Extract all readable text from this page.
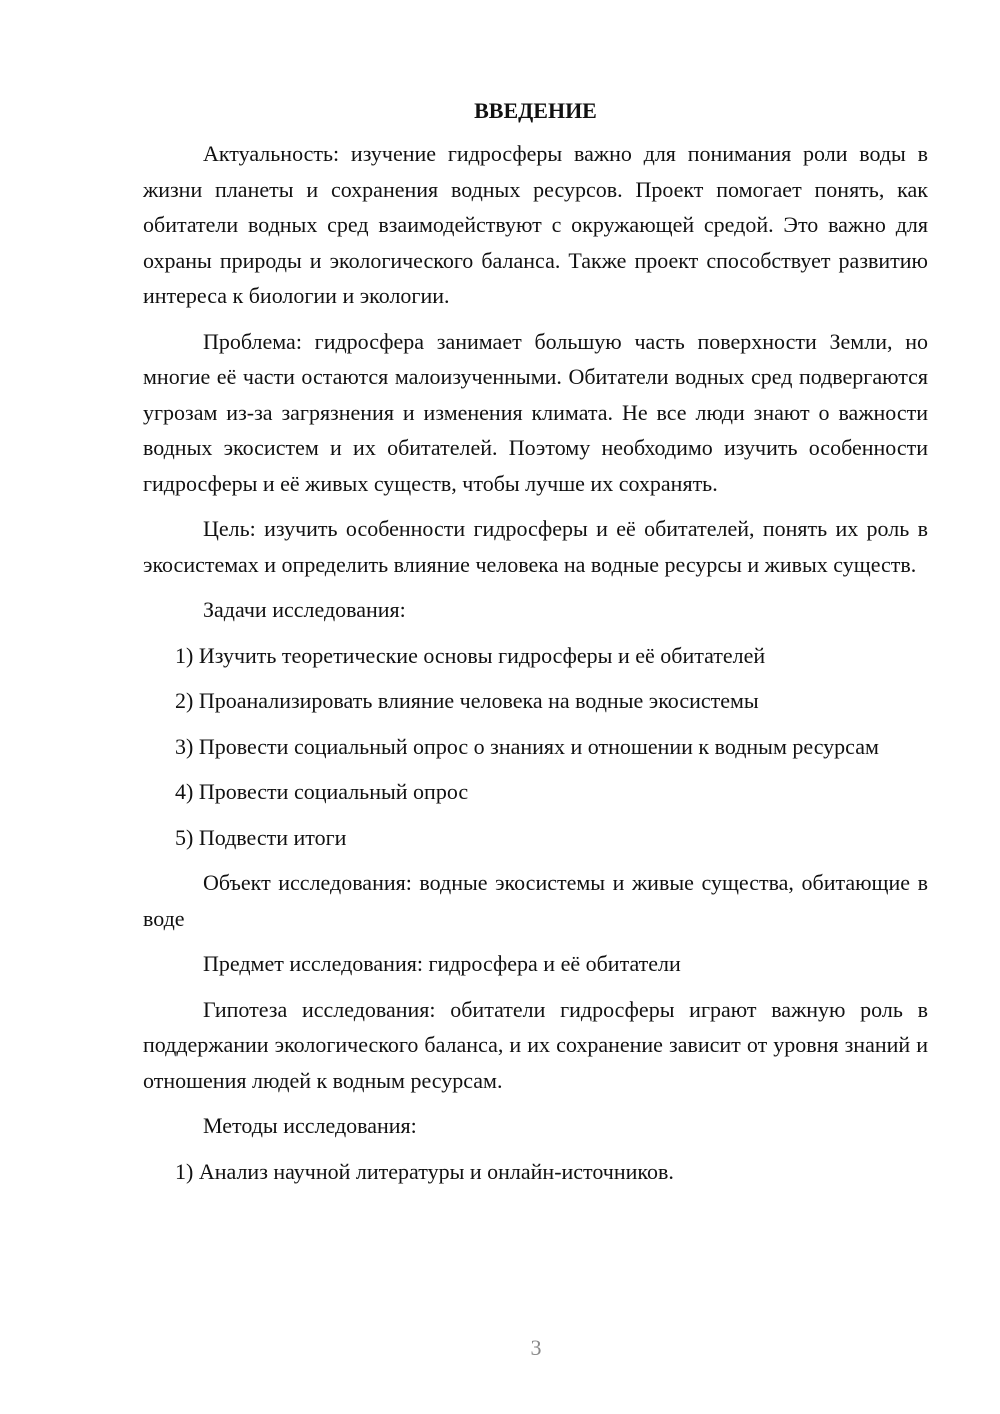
ВВЕДЕНИЕ

Актуальность: изучение гидросферы важно для понимания роли воды в жизни планеты и сохранения водных ресурсов. Проект помогает понять, как обитатели водных сред взаимодействуют с окружающей средой. Это важно для охраны природы и экологического баланса. Также проект способствует развитию интереса к биологии и экологии.

Проблема: гидросфера занимает большую часть поверхности Земли, но многие её части остаются малоизученными. Обитатели водных сред подвергаются угрозам из-за загрязнения и изменения климата. Не все люди знают о важности водных экосистем и их обитателей. Поэтому необходимо изучить особенности гидросферы и её живых существ, чтобы лучше их сохранять.

Цель: изучить особенности гидросферы и её обитателей, понять их роль в экосистемах и определить влияние человека на водные ресурсы и живых существ.

Задачи исследования:

1) Изучить теоретические основы гидросферы и её обитателей

2) Проанализировать влияние человека на водные экосистемы

3) Провести социальный опрос о знаниях и отношении к водным ресурсам

4) Провести социальный опрос

5) Подвести итоги

Объект исследования: водные экосистемы и живые существа, обитающие в воде

Предмет исследования: гидросфера и её обитатели

Гипотеза исследования: обитатели гидросферы играют важную роль в поддержании экологического баланса, и их сохранение зависит от уровня знаний и отношения людей к водным ресурсам.

Методы исследования:

1) Анализ научной литературы и онлайн-источников.

3
